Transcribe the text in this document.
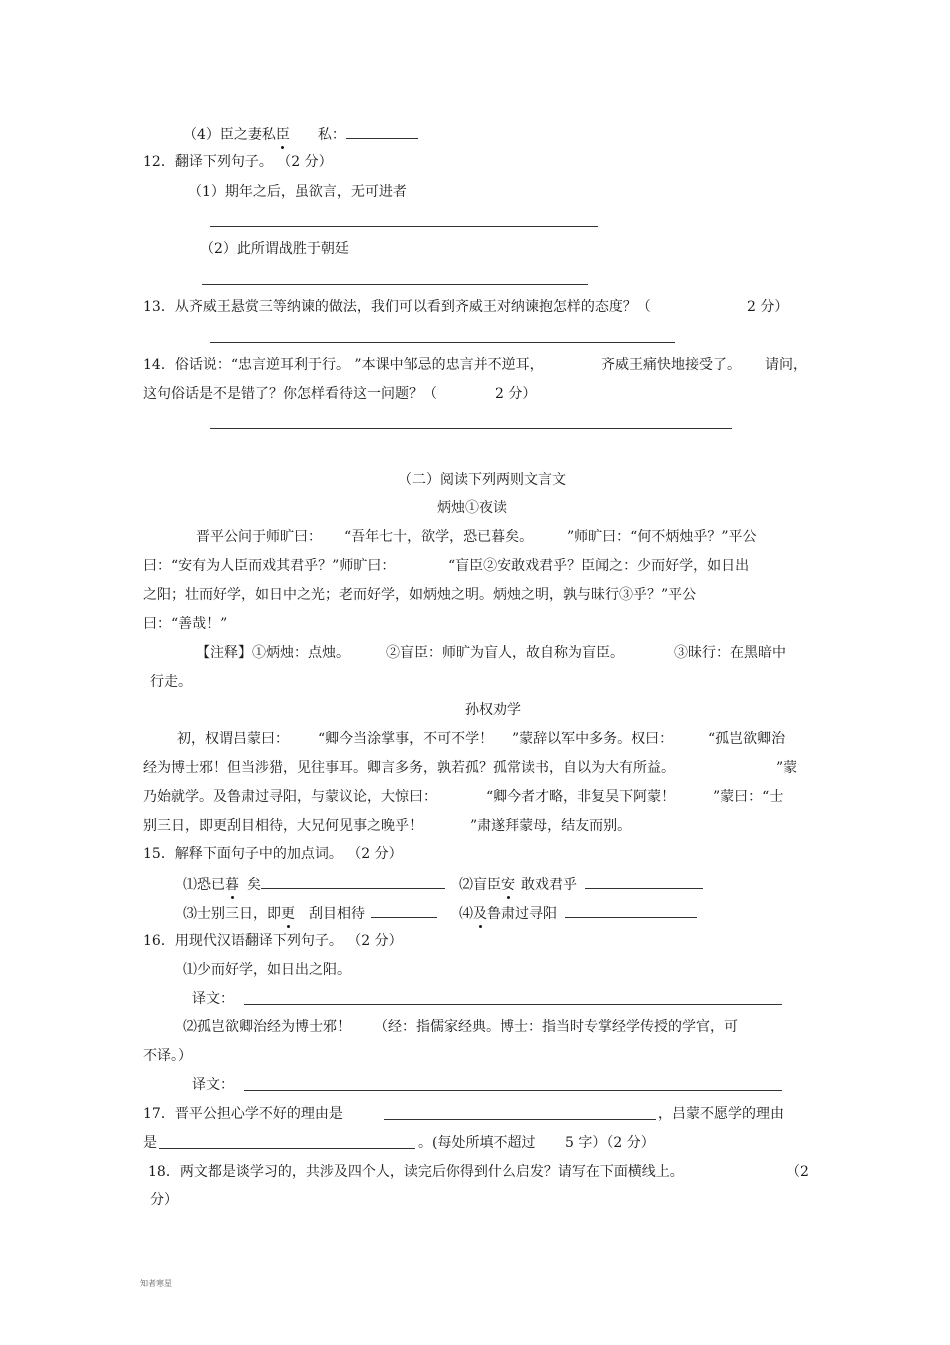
（4）臣之妻私臣 私：
12．翻译下列句子。 （2 分）
（1）期年之后，虽欲言，无可进者
（2）此所谓战胜于朝廷
13．从齐威王悬赏三等纳谏的做法，我们可以看到齐威王对纳谏抱怎样的态度？（	2 分）
14．俗话说：“忠言逆耳利于行。 ”本课中邹忌的忠言并不逆耳，	齐威王痛快地接受了。 请问，
这句俗话是不是错了？你怎样看待这一问题？（	2 分）
（二）阅读下列两则文言文
炳烛①夜读
晋平公问于师旷曰： “吾年七十，欲学，恐已暮矣。 ”师旷曰：“何不炳烛乎？”平公
曰：“安有为人臣而戏其君乎？”师旷曰：	“盲臣②安敢戏君乎？臣闻之：少而好学，如日出
之阳；壮而好学，如日中之光；老而好学，如炳烛之明。炳烛之明，孰与昧行③乎？”平公
曰：“善哉！”
【注释】①炳烛：点烛。	②盲臣：师旷为盲人，故自称为盲臣。	③昧行：在黑暗中
行走。
孙权劝学
初，权谓吕蒙曰： “卿今当涂掌事，不可不学！ ”蒙辞以军中多务。权曰： “孤岂欲卿治
经为博士邪！但当涉猎，见往事耳。卿言多务，孰若孤？孤常读书，自以为大有所益。	”蒙
乃始就学。及鲁肃过寻阳，与蒙议论，大惊曰：	“卿今者才略，非复吴下阿蒙！	”蒙曰：“士
别三日，即更刮目相待，大兄何见事之晚乎！	”肃遂拜蒙母，结友而别。
15．解释下面句子中的加点词。 （2 分）
⑴恐已暮 矣	⑵盲臣安 敢戏君乎
⑶士别三日，即更 刮目相待	⑷及鲁肃过寻阳
16．用现代汉语翻译下列句子。 （2 分）
⑴少而好学，如日出之阳。
译文：
⑵孤岂欲卿治经为博士邪！ （经：指儒家经典。博士：指当时专掌经学传授的学官，可
不译。）
译文：
17．晋平公担心学不好的理由是	，吕蒙不愿学的理由
是	。(每处所填不超过 5 字）（2 分）
18．两文都是谈学习的，共涉及四个人，读完后你得到什么启发？请写在下面横线上。	（2
分）
知者寒星
